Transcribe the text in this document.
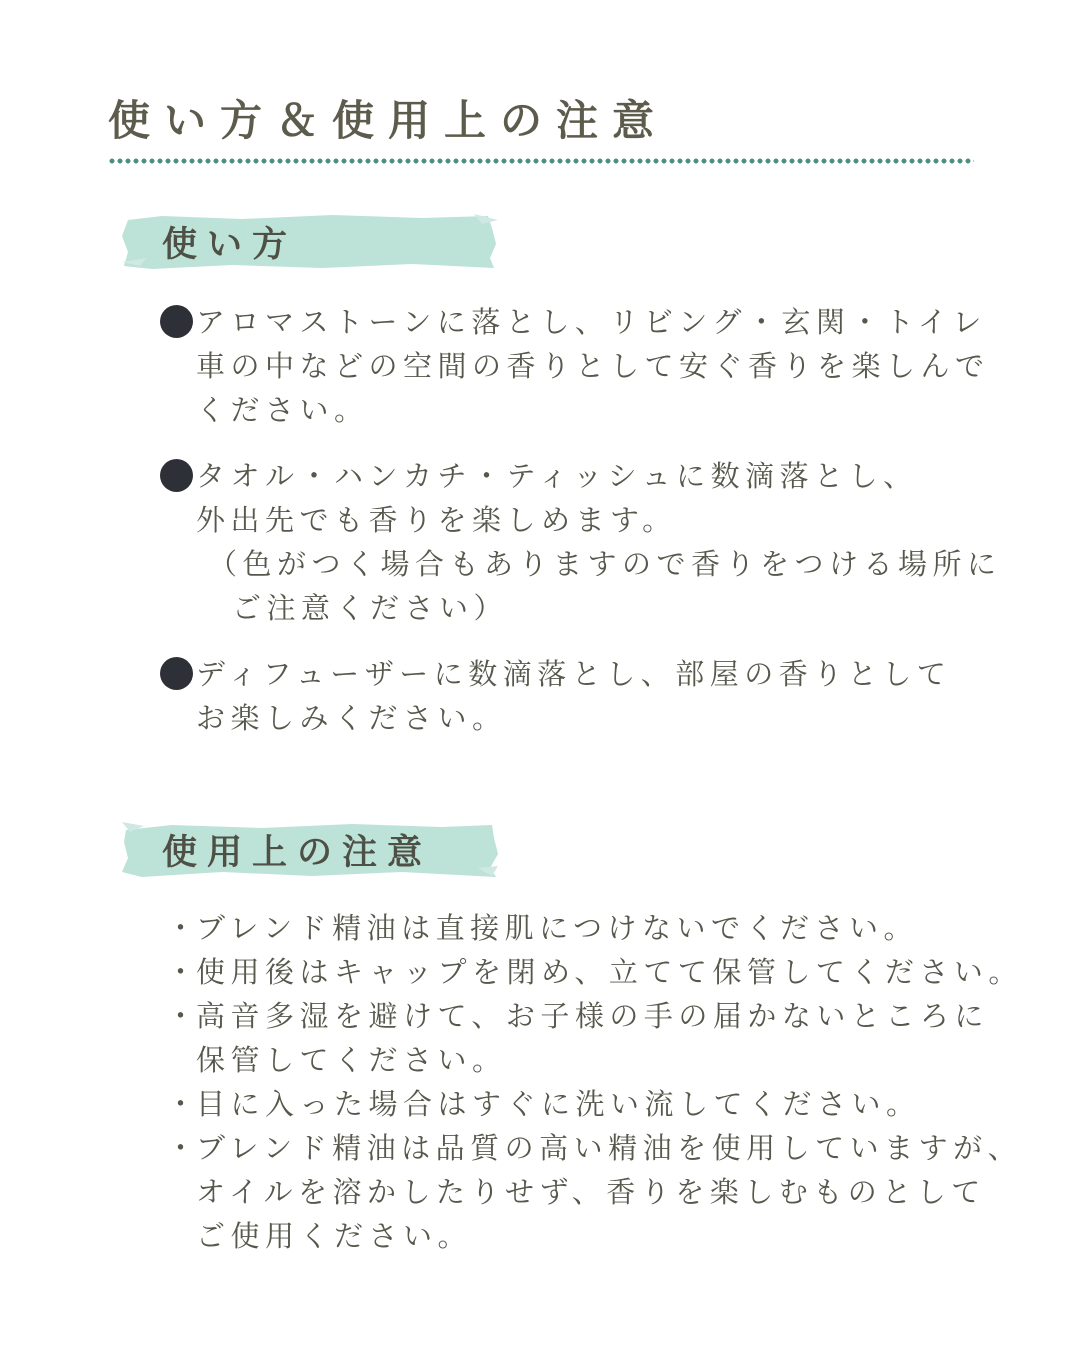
使い方＆使用上の注意
使い方
アロマストーンに落とし、リビング・玄関・トイレ
車の中などの空間の香りとして安ぐ香りを楽しんで
ください。
タオル・ハンカチ・ティッシュに数滴落とし、
外出先でも香りを楽しめます。
（色がつく場合もありますので香りをつける場所に
ご注意ください）
ディフューザーに数滴落とし、部屋の香りとして
お楽しみください。
使用上の注意
・
ブレンド精油は直接肌につけないでください。
・
使用後はキャップを閉め、立てて保管してください。
・
高音多湿を避けて、お子様の手の届かないところに
保管してください。
・
目に入った場合はすぐに洗い流してください。
・
ブレンド精油は品質の高い精油を使用していますが、
オイルを溶かしたりせず、香りを楽しむものとして
ご使用ください。
